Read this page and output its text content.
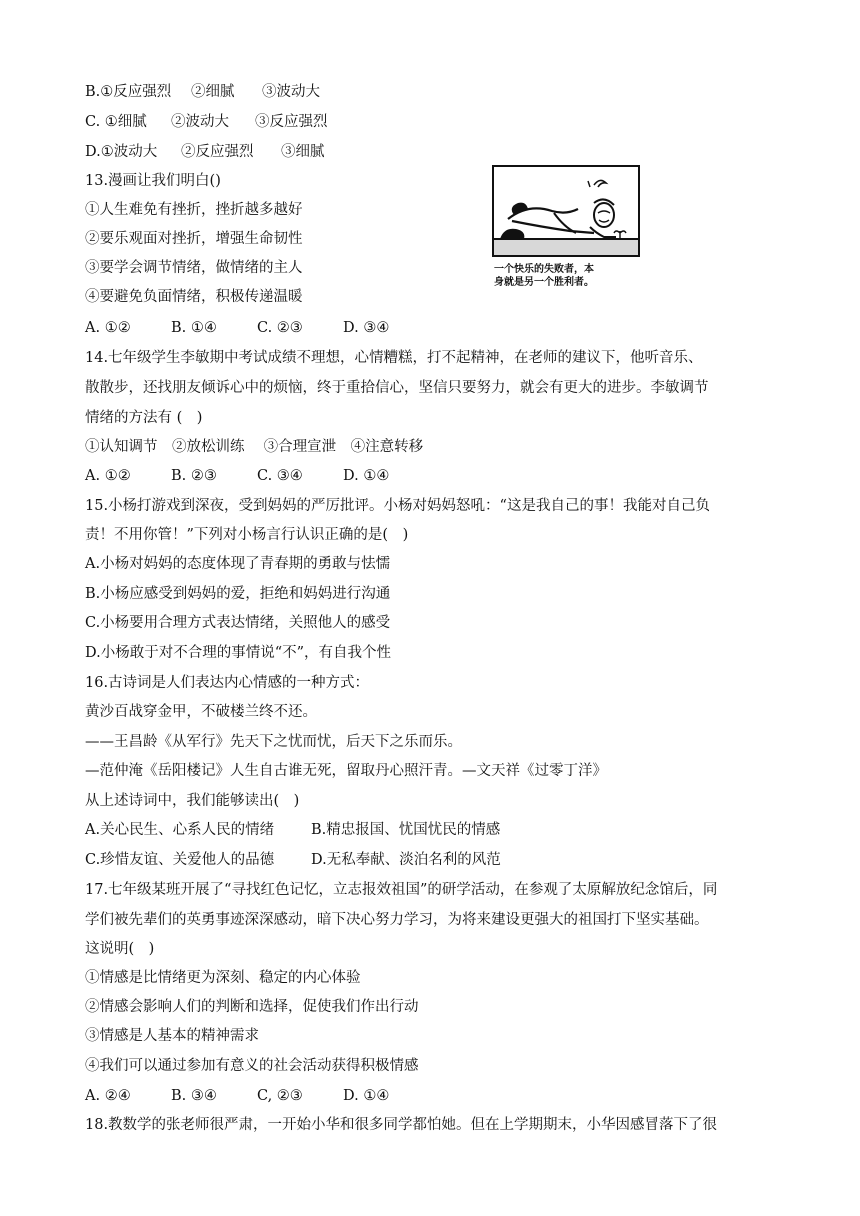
B.①反应强烈	②细腻	③波动大
C. ①细腻	②波动大	③反应强烈
D.①波动大	②反应强烈	③细腻
13.漫画让我们明白()
①人生难免有挫折，挫折越多越好
②要乐观面对挫折，增强生命韧性
③要学会调节情绪，做情绪的主人
④要避免负面情绪，积极传递温暖
A. ①②	B. ①④	C. ②③	D. ③④
一个快乐的失败者，本
身就是另一个胜利者。
14.七年级学生李敏期中考试成绩不理想，心情糟糕，打不起精神，在老师的建议下，他听音乐、
散散步，还找朋友倾诉心中的烦恼，终于重拾信心，坚信只要努力，就会有更大的进步。李敏调节
情绪的方法有 (　)
①认知调节　②放松训练　 ③合理宣泄　④注意转移
A. ①②	B. ②③	C. ③④	D. ①④
15.小杨打游戏到深夜，受到妈妈的严厉批评。小杨对妈妈怒吼：“这是我自己的事！我能对自己负
责！不用你管！”下列对小杨言行认识正确的是(　)
A.小杨对妈妈的态度体现了青春期的勇敢与怯懦
B.小杨应感受到妈妈的爱，拒绝和妈妈进行沟通
C.小杨要用合理方式表达情绪，关照他人的感受
D.小杨敢于对不合理的事情说“不”，有自我个性
16.古诗词是人们表达内心情感的一种方式：
黄沙百战穿金甲，不破楼兰终不还。
——王昌龄《从军行》先天下之忧而忧，后天下之乐而乐。
—范仲淹《岳阳楼记》人生自古谁无死，留取丹心照汗青。—文天祥《过零丁洋》
从上述诗词中，我们能够读出(　)
A.关心民生、心系人民的情绪	B.精忠报国、忧国忧民的情感
C.珍惜友谊、关爱他人的品德	D.无私奉献、淡泊名利的风范
17.七年级某班开展了“寻找红色记忆，立志报效祖国”的研学活动，在参观了太原解放纪念馆后，同
学们被先辈们的英勇事迹深深感动，暗下决心努力学习，为将来建设更强大的祖国打下坚实基础。
这说明(　)
①情感是比情绪更为深刻、稳定的内心体验
②情感会影响人们的判断和选择，促使我们作出行动
③情感是人基本的精神需求
④我们可以通过参加有意义的社会活动获得积极情感
A. ②④	B. ③④	C, ②③	D. ①④
18.教数学的张老师很严肃，一开始小华和很多同学都怕她。但在上学期期末，小华因感冒落下了很
